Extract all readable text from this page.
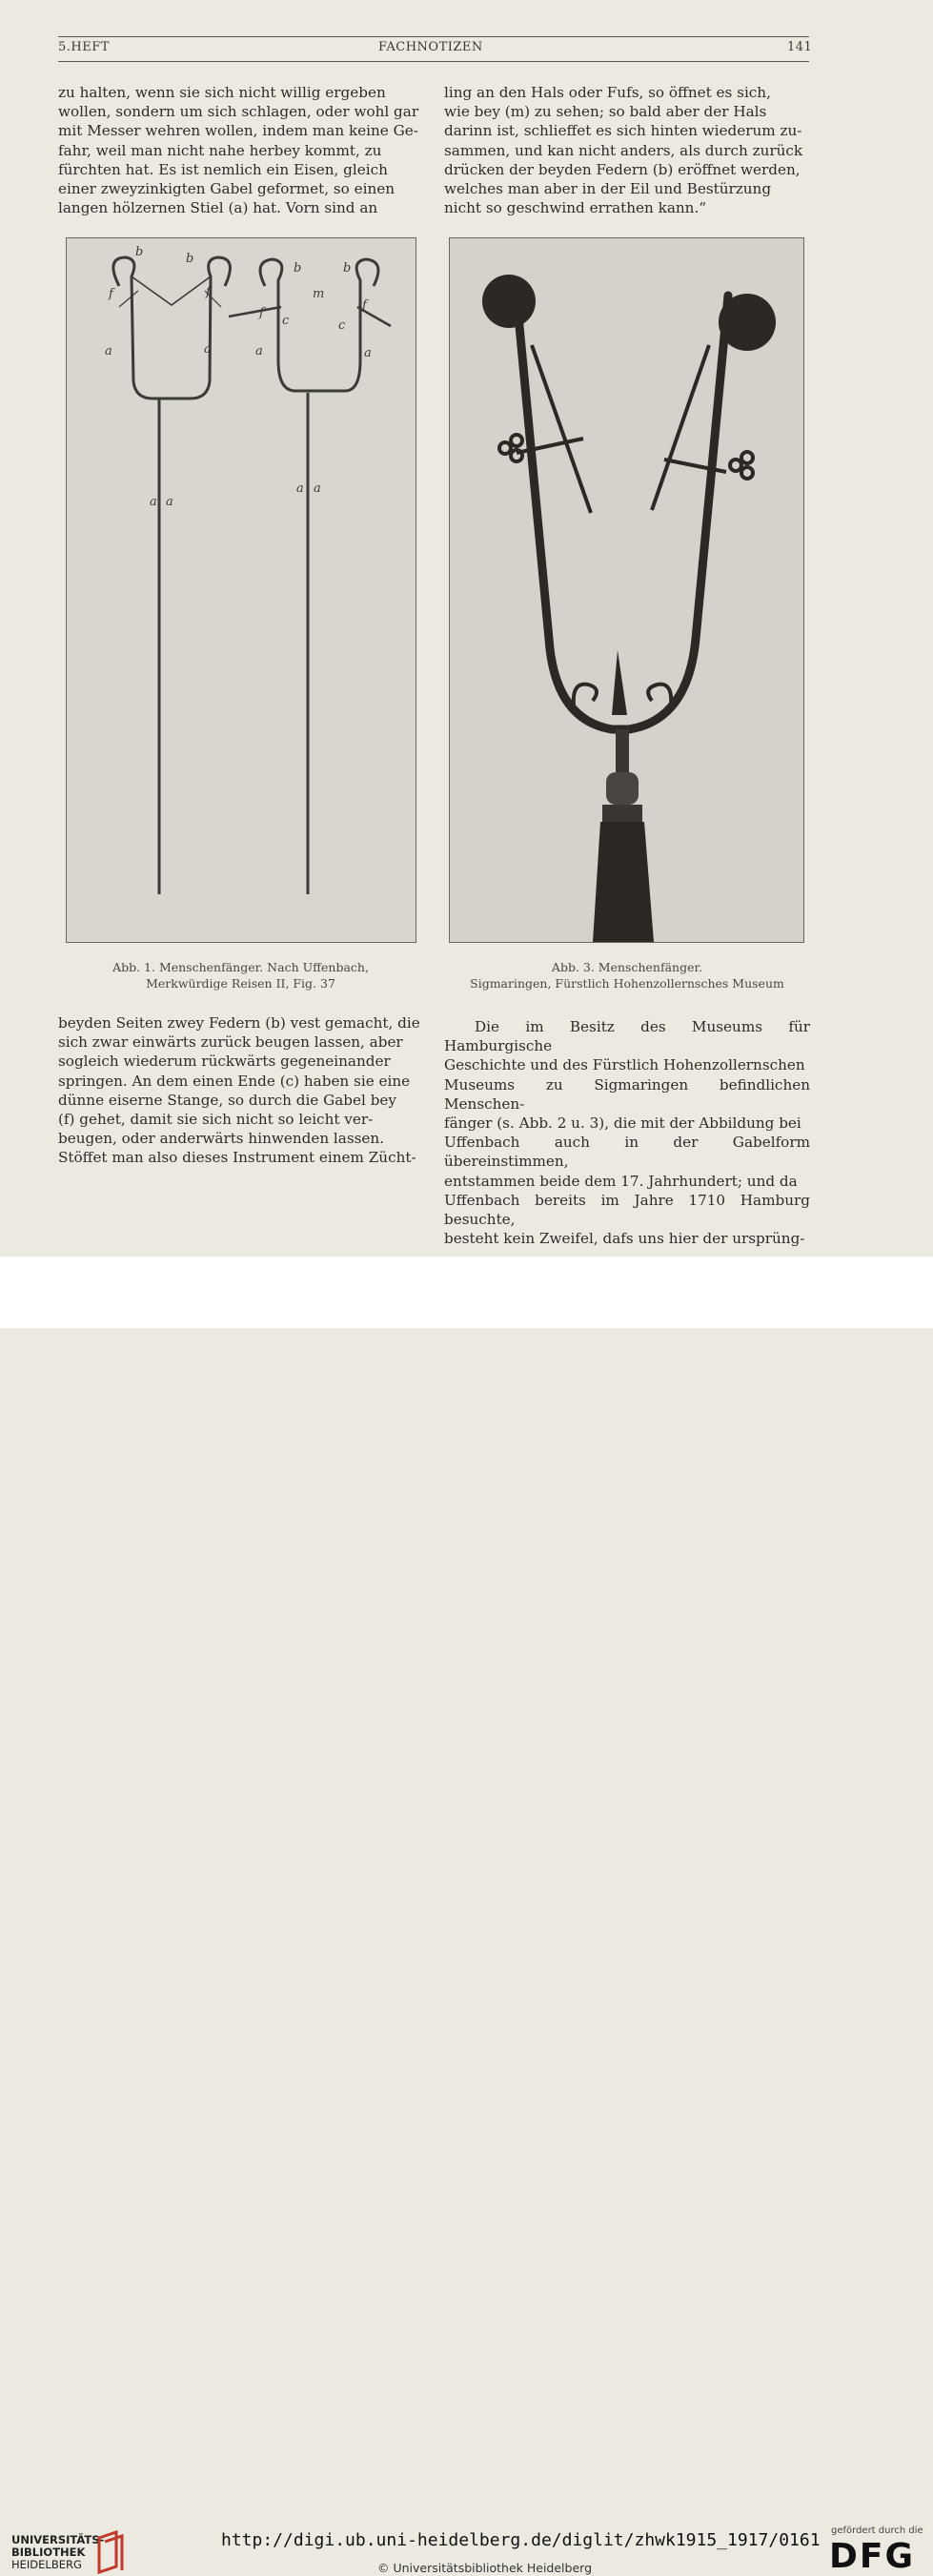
5.HEFT	FACHNOTIZEN	141

zu halten, wenn sie sich nicht willig ergeben

wollen, sondern um sich schlagen, oder wohl gar

mit Messer wehren wollen, indem man keine Ge-

fahr, weil man nicht nahe herbey kommt, zu

fürchten hat. Es ist nemlich ein Eisen, gleich

einer zweyzinkigten Gabel geformet, so einen

langen hölzernen Stiel (a) hat. Vorn sind an

ling an den Hals oder Fufs, so öffnet es sich,

wie bey (m) zu sehen; so bald aber der Hals

darinn ist, schlieffet es sich hinten wiederum zu-

sammen, und kan nicht anders, als durch zurück

drücken der beyden Federn (b) eröffnet werden,

welches man aber in der Eil und Bestürzung

nicht so geschwind errathen kann.“

b	b
f	f
b	b
m
f
f
c	c
a	a	a	a
a a
a a
Abb. 1. Menschenfänger. Nach Uffenbach,
Merkwürdige Reisen II, Fig. 37
Abb. 3. Menschenfänger.
Sigmaringen, Fürstlich Hohenzollernsches Museum

beyden Seiten zwey Federn (b) vest gemacht, die

sich zwar einwärts zurück beugen lassen, aber

sogleich wiederum rückwärts gegeneinander

springen. An dem einen Ende (c) haben sie eine

dünne eiserne Stange, so durch die Gabel bey

(f) gehet, damit sie sich nicht so leicht ver-

beugen, oder anderwärts hinwenden lassen.

Stöffet man also dieses Instrument einem Zücht-

Die im Besitz des Museums für Hamburgische

Geschichte und des Fürstlich Hohenzollernschen

Museums zu Sigmaringen befindlichen Menschen-

fänger (s. Abb. 2 u. 3), die mit der Abbildung bei

Uffenbach auch in der Gabelform übereinstimmen,

entstammen beide dem 17. Jahrhundert; und da

Uffenbach bereits im Jahre 1710 Hamburg besuchte,

besteht kein Zweifel, dafs uns hier der ursprüng-

UNIVERSITÄTS-
BIBLIOTHEK
HEIDELBERG
http://digi.ub.uni-heidelberg.de/diglit/zhwk1915_1917/0161
© Universitätsbibliothek Heidelberg
gefördert durch die
DFG
